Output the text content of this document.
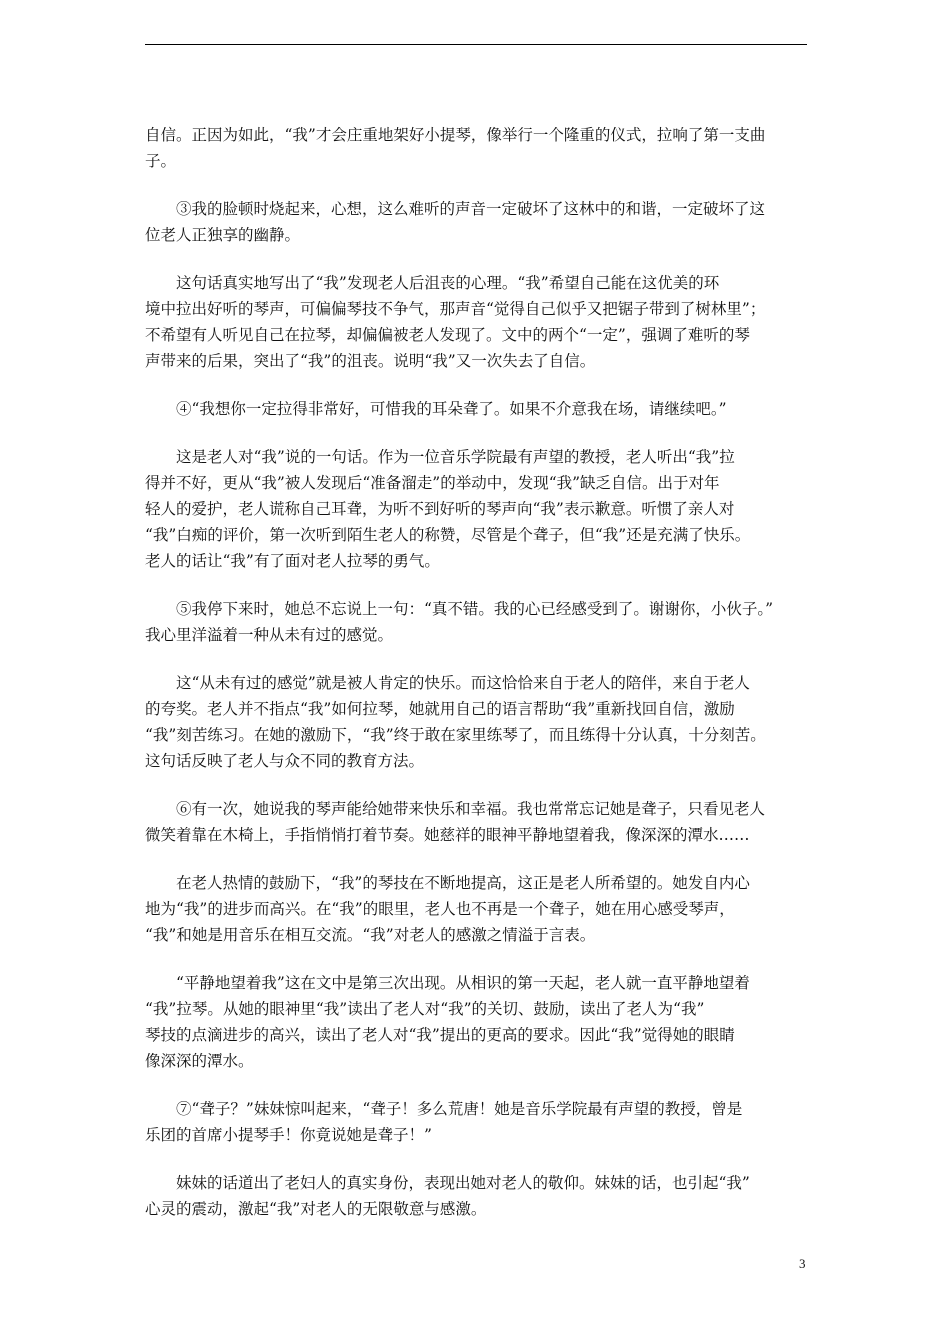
自信。正因为如此，“我”才会庄重地架好小提琴，像举行一个隆重的仪式，拉响了第一支曲
子。

　　③我的脸顿时烧起来，心想，这么难听的声音一定破坏了这林中的和谐，一定破坏了这
位老人正独享的幽静。

　　这句话真实地写出了“我”发现老人后沮丧的心理。“我”希望自己能在这优美的环
境中拉出好听的琴声，可偏偏琴技不争气，那声音“觉得自己似乎又把锯子带到了树林里”；
不希望有人听见自己在拉琴，却偏偏被老人发现了。文中的两个“一定”，强调了难听的琴
声带来的后果，突出了“我”的沮丧。说明“我”又一次失去了自信。

　　④“我想你一定拉得非常好，可惜我的耳朵聋了。如果不介意我在场，请继续吧。”

　　这是老人对“我”说的一句话。作为一位音乐学院最有声望的教授，老人听出“我”拉
得并不好，更从“我”被人发现后“准备溜走”的举动中，发现“我”缺乏自信。出于对年
轻人的爱护，老人谎称自己耳聋，为听不到好听的琴声向“我”表示歉意。听惯了亲人对
“我”白痴的评价，第一次听到陌生老人的称赞，尽管是个聋子，但“我”还是充满了快乐。
老人的话让“我”有了面对老人拉琴的勇气。

　　⑤我停下来时，她总不忘说上一句：“真不错。我的心已经感受到了。谢谢你，小伙子。”
我心里洋溢着一种从未有过的感觉。

　　这“从未有过的感觉”就是被人肯定的快乐。而这恰恰来自于老人的陪伴，来自于老人
的夸奖。老人并不指点“我”如何拉琴，她就用自己的语言帮助“我”重新找回自信，激励
“我”刻苦练习。在她的激励下，“我”终于敢在家里练琴了，而且练得十分认真，十分刻苦。
这句话反映了老人与众不同的教育方法。

　　⑥有一次，她说我的琴声能给她带来快乐和幸福。我也常常忘记她是聋子，只看见老人
微笑着靠在木椅上，手指悄悄打着节奏。她慈祥的眼神平静地望着我，像深深的潭水……

　　在老人热情的鼓励下，“我”的琴技在不断地提高，这正是老人所希望的。她发自内心
地为“我”的进步而高兴。在“我”的眼里，老人也不再是一个聋子，她在用心感受琴声，
“我”和她是用音乐在相互交流。“我”对老人的感激之情溢于言表。

　　“平静地望着我”这在文中是第三次出现。从相识的第一天起，老人就一直平静地望着
“我”拉琴。从她的眼神里“我”读出了老人对“我”的关切、鼓励，读出了老人为“我”
琴技的点滴进步的高兴，读出了老人对“我”提出的更高的要求。因此“我”觉得她的眼睛
像深深的潭水。

　　⑦“聋子？”妹妹惊叫起来，“聋子！多么荒唐！她是音乐学院最有声望的教授，曾是
乐团的首席小提琴手！你竟说她是聋子！”

　　妹妹的话道出了老妇人的真实身份，表现出她对老人的敬仰。妹妹的话，也引起“我”
心灵的震动，激起“我”对老人的无限敬意与感激。

3
